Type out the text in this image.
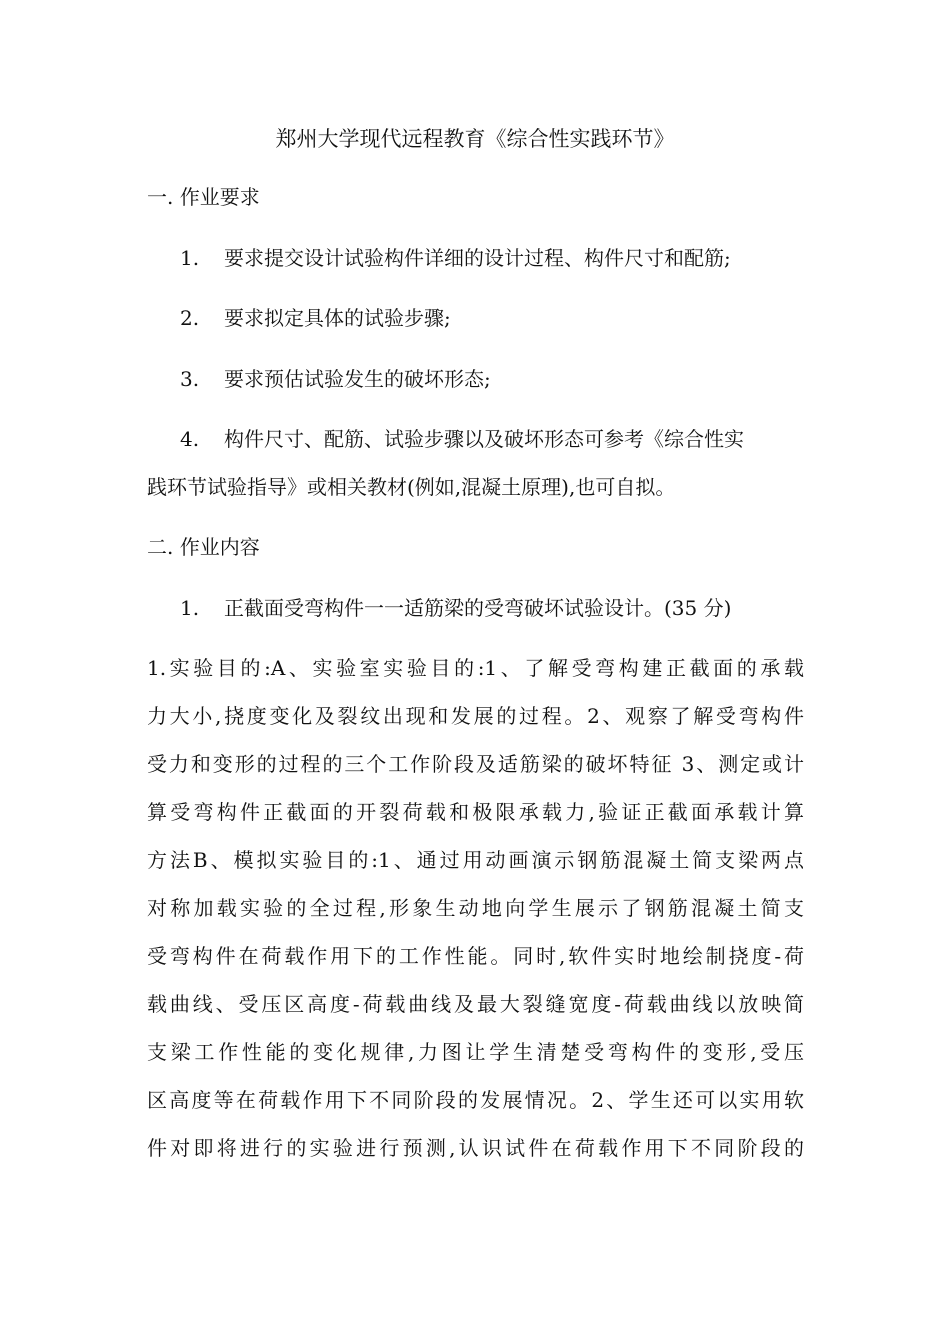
郑州大学现代远程教育《综合性实践环节》
一. 作业要求
1. 要求提交设计试验构件详细的设计过程、构件尺寸和配筋;
2. 要求拟定具体的试验步骤;
3. 要求预估试验发生的破坏形态;
4. 构件尺寸、配筋、试验步骤以及破坏形态可参考《综合性实
践环节试验指导》或相关教材(例如,混凝土原理),也可自拟。
二. 作业内容
1. 正截面受弯构件一一适筋梁的受弯破坏试验设计。(35 分)
1.实验目的:A、实验室实验目的:1、了解受弯构建正截面的承载
力大小,挠度变化及裂纹出现和发展的过程。2、观察了解受弯构件
受力和变形的过程的三个工作阶段及适筋梁的破坏特征 3、测定或计
算受弯构件正截面的开裂荷载和极限承载力,验证正截面承载计算
方法B、模拟实验目的:1、通过用动画演示钢筋混凝土简支梁两点
对称加载实验的全过程,形象生动地向学生展示了钢筋混凝土简支
受弯构件在荷载作用下的工作性能。同时,软件实时地绘制挠度-荷
载曲线、受压区高度-荷载曲线及最大裂缝宽度-荷载曲线以放映简
支梁工作性能的变化规律,力图让学生清楚受弯构件的变形,受压
区高度等在荷载作用下不同阶段的发展情况。2、学生还可以实用软
件对即将进行的实验进行预测,认识试件在荷载作用下不同阶段的
